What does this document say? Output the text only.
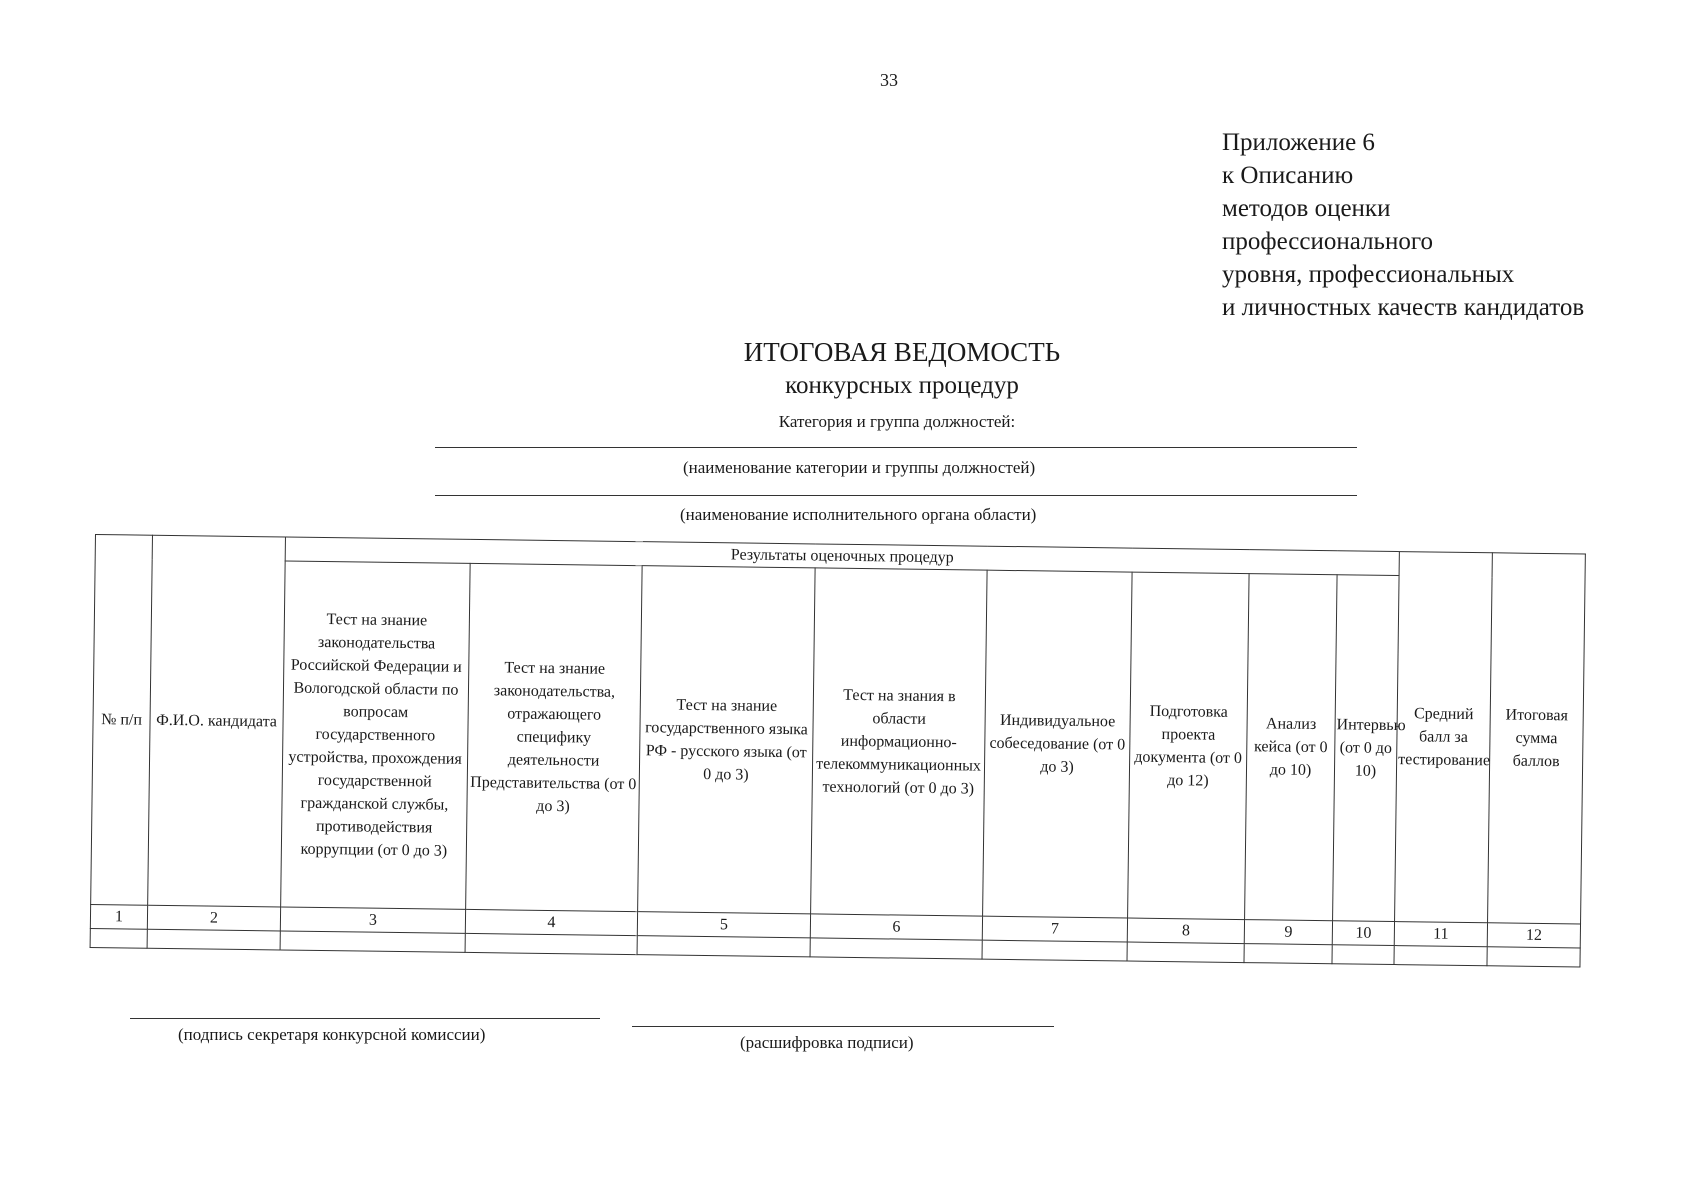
33
Приложение 6
к Описанию
методов оценки
профессионального
уровня, профессиональных
и личностных качеств кандидатов
ИТОГОВАЯ ВЕДОМОСТЬ
конкурсных процедур
Категория и группа должностей:
(наименование категории и группы должностей)
(наименование исполнительного органа области)
№ п/п	Ф.И.О. кандидата	Результаты оценочных процедур								Средний балл за тестирование	Итоговая сумма баллов
		Тест на знание законодательства Российской Федерации и Вологодской области по вопросам государственного устройства, прохождения государственной гражданской службы, противодействия коррупции (от 0 до 3)	Тест на знание законодательства, отражающего специфику деятельности Представительства (от 0 до 3)	Тест на знание государственного языка РФ - русского языка (от 0 до 3)	Тест на знания в области информационно-телекоммуникационных технологий (от 0 до 3)	Индивидуальное собеседование (от 0 до 3)	Подготовка проекта документа (от 0 до 12)	Анализ кейса (от 0 до 10)	Интервью (от 0 до 10)		
1	2	3	4	5	6	7	8	9	10	11	12

(подпись секретаря конкурсной комиссии)	(расшифровка подписи)
